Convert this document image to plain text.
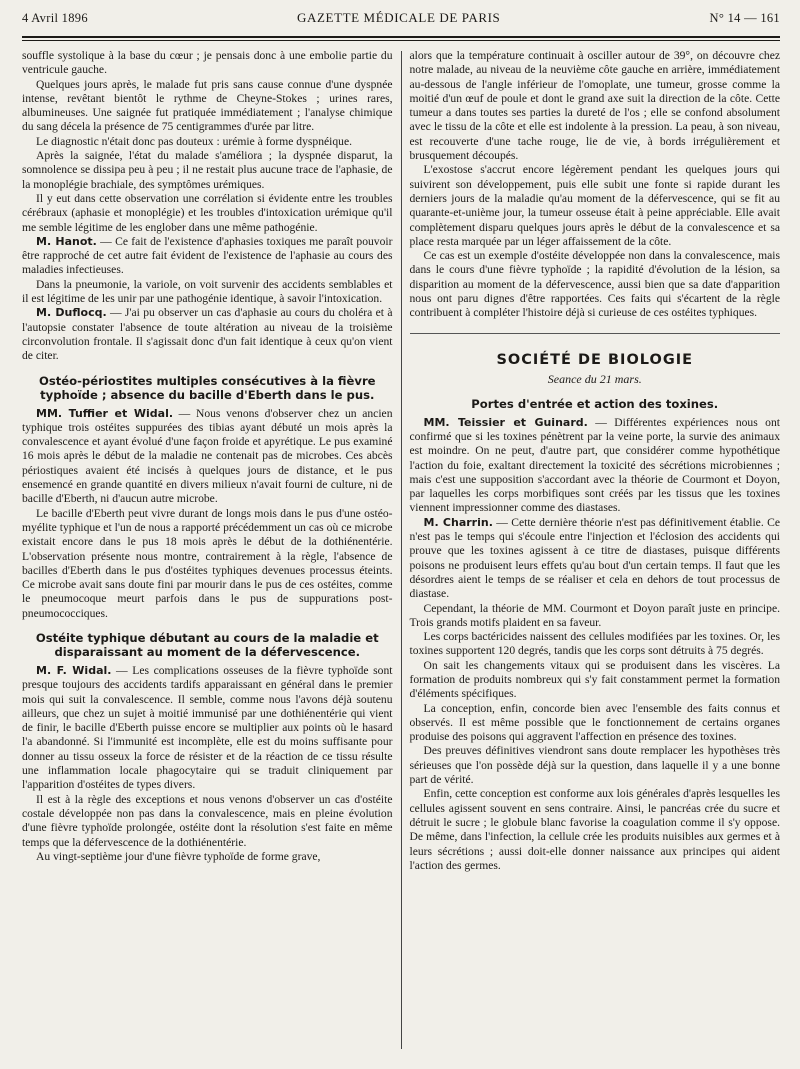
4 Avril 1896	GAZETTE MÉDICALE DE PARIS	N° 14 — 161

souffle systolique à la base du cœur ; je pensais donc à une embolie partie du ventricule gauche.

Quelques jours après, le malade fut pris sans cause connue d'une dyspnée intense, revêtant bientôt le rythme de Cheyne-Stokes ; urines rares, albumineuses. Une saignée fut pratiquée immédiatement ; l'analyse chimique du sang décela la présence de 75 centigrammes d'urée par litre.

Le diagnostic n'était donc pas douteux : urémie à forme dyspnéique.

Après la saignée, l'état du malade s'améliora ; la dyspnée disparut, la somnolence se dissipa peu à peu ; il ne restait plus aucune trace de l'aphasie, de la monoplégie brachiale, des symptômes urémiques.

Il y eut dans cette observation une corrélation si évidente entre les troubles cérébraux (aphasie et monoplégie) et les troubles d'intoxication urémique qu'il me semble légitime de les englober dans une même pathogénie.

M. Hanot. — Ce fait de l'existence d'aphasies toxiques me paraît pouvoir être rapproché de cet autre fait évident de l'existence de l'aphasie au cours des maladies infectieuses.

Dans la pneumonie, la variole, on voit survenir des accidents semblables et il est légitime de les unir par une pathogénie identique, à savoir l'intoxication.

M. Duflocq. — J'ai pu observer un cas d'aphasie au cours du choléra et à l'autopsie constater l'absence de toute altération au niveau de la troisième circonvolution frontale. Il s'agissait donc d'un fait identique à ceux qu'on vient de citer.

Ostéo-périostites multiples consécutives à la fièvre typhoïde ; absence du bacille d'Eberth dans le pus.

MM. Tuffier et Widal. — Nous venons d'observer chez un ancien typhique trois ostéites suppurées des tibias ayant débuté un mois après la convalescence et ayant évolué d'une façon froide et apyrétique. Le pus examiné 16 mois après le début de la maladie ne contenait pas de microbes. Ces abcès périostiques avaient été incisés à quelques jours de distance, et le pus ensemencé en grande quantité en divers milieux n'avait fourni de culture, ni de bacille d'Eberth, ni d'aucun autre microbe.

Le bacille d'Eberth peut vivre durant de longs mois dans le pus d'une ostéo-myélite typhique et l'un de nous a rapporté précédemment un cas où ce microbe existait encore dans le pus 18 mois après le début de la dothiénentérie. L'observation présente nous montre, contrairement à la règle, l'absence de bacilles d'Eberth dans le pus d'ostéites typhiques devenues processus éteints. Ce microbe avait sans doute fini par mourir dans le pus de ces ostéites, comme le pneumocoque meurt parfois dans le pus de suppurations post-pneumococciques.

Ostéite typhique débutant au cours de la maladie et disparaissant au moment de la défervescence.

M. F. Widal. — Les complications osseuses de la fièvre typhoïde sont presque toujours des accidents tardifs apparaissant en général dans le premier mois qui suit la convalescence. Il semble, comme nous l'avons déjà soutenu ailleurs, que chez un sujet à moitié immunisé par une dothiénentérie qui vient de finir, le bacille d'Eberth puisse encore se multiplier aux points où le hasard l'a abandonné. Si l'immunité est incomplète, elle est du moins suffisante pour donner au tissu osseux la force de résister et de la réaction de ce tissu résulte une inflammation locale phagocytaire qui se traduit cliniquement par l'apparition d'ostéites de types divers.

Il est à la règle des exceptions et nous venons d'observer un cas d'ostéite costale développée non pas dans la convalescence, mais en pleine évolution d'une fièvre typhoïde prolongée, ostéite dont la résolution s'est faite en même temps que la défervescence de la dothiénentérie.

Au vingt-septième jour d'une fièvre typhoïde de forme grave,

alors que la température continuait à osciller autour de 39°, on découvre chez notre malade, au niveau de la neuvième côte gauche en arrière, immédiatement au-dessous de l'angle inférieur de l'omoplate, une tumeur, grosse comme la moitié d'un œuf de poule et dont le grand axe suit la direction de la côte. Cette tumeur a dans toutes ses parties la dureté de l'os ; elle se confond absolument avec le tissu de la côte et elle est indolente à la pression. La peau, à son niveau, est recouverte d'une tache rouge, lie de vie, à bords irrégulièrement et brusquement découpés.

L'exostose s'accrut encore légèrement pendant les quelques jours qui suivirent son développement, puis elle subit une fonte si rapide durant les derniers jours de la maladie qu'au moment de la défervescence, qui se fit au quarante-et-unième jour, la tumeur osseuse était à peine appréciable. Elle avait complètement disparu quelques jours après le début de la convalescence et sa place resta marquée par un léger affaissement de la côte.

Ce cas est un exemple d'ostéite développée non dans la convalescence, mais dans le cours d'une fièvre typhoïde ; la rapidité d'évolution de la lésion, sa disparition au moment de la défervescence, aussi bien que sa date d'apparition nous ont paru dignes d'être rapportées. Ces faits qui s'écartent de la règle contribuent à compléter l'histoire déjà si curieuse de ces ostéites typhiques.

SOCIÉTÉ DE BIOLOGIE
Seance du 21 mars.
Portes d'entrée et action des toxines.

MM. Teissier et Guinard. — Différentes expériences nous ont confirmé que si les toxines pénètrent par la veine porte, la survie des animaux est moindre. On ne peut, d'autre part, que considérer comme hypothétique l'action du foie, exaltant directement la toxicité des sécrétions microbiennes ; mais c'est une supposition s'accordant avec la théorie de Courmont et Doyon, par laquelles les corps morbifiques sont créés par les tissus que les toxines viennent impressionner comme des diastases.

M. Charrin. — Cette dernière théorie n'est pas définitivement établie. Ce n'est pas le temps qui s'écoule entre l'injection et l'éclosion des accidents qui prouve que les toxines agissent à ce titre de diastases, puisque différents poisons ne produisent leurs effets qu'au bout d'un certain temps. Il faut que les désordres aient le temps de se réaliser et cela en dehors de tout processus de diastase.

Cependant, la théorie de MM. Courmont et Doyon paraît juste en principe. Trois grands motifs plaident en sa faveur.

Les corps bactéricides naissent des cellules modifiées par les toxines. Or, les toxines supportent 120 degrés, tandis que les corps sont détruits à 75 degrés.

On sait les changements vitaux qui se produisent dans les viscères. La formation de produits nombreux qui s'y fait constamment permet la formation d'éléments spécifiques.

La conception, enfin, concorde bien avec l'ensemble des faits connus et observés. Il est même possible que le fonctionnement de certains organes produise des poisons qui aggravent l'affection en présence des toxines.

Des preuves définitives viendront sans doute remplacer les hypothèses très sérieuses que l'on possède déjà sur la question, dans laquelle il y a une bonne part de vérité.

Enfin, cette conception est conforme aux lois générales d'après lesquelles les cellules agissent souvent en sens contraire. Ainsi, le pancréas crée du sucre et détruit le sucre ; le globule blanc favorise la coagulation comme il s'y oppose. De même, dans l'infection, la cellule crée les produits nuisibles aux germes et à leurs sécrétions ; aussi doit-elle donner naissance aux principes qui aident l'action des germes.
